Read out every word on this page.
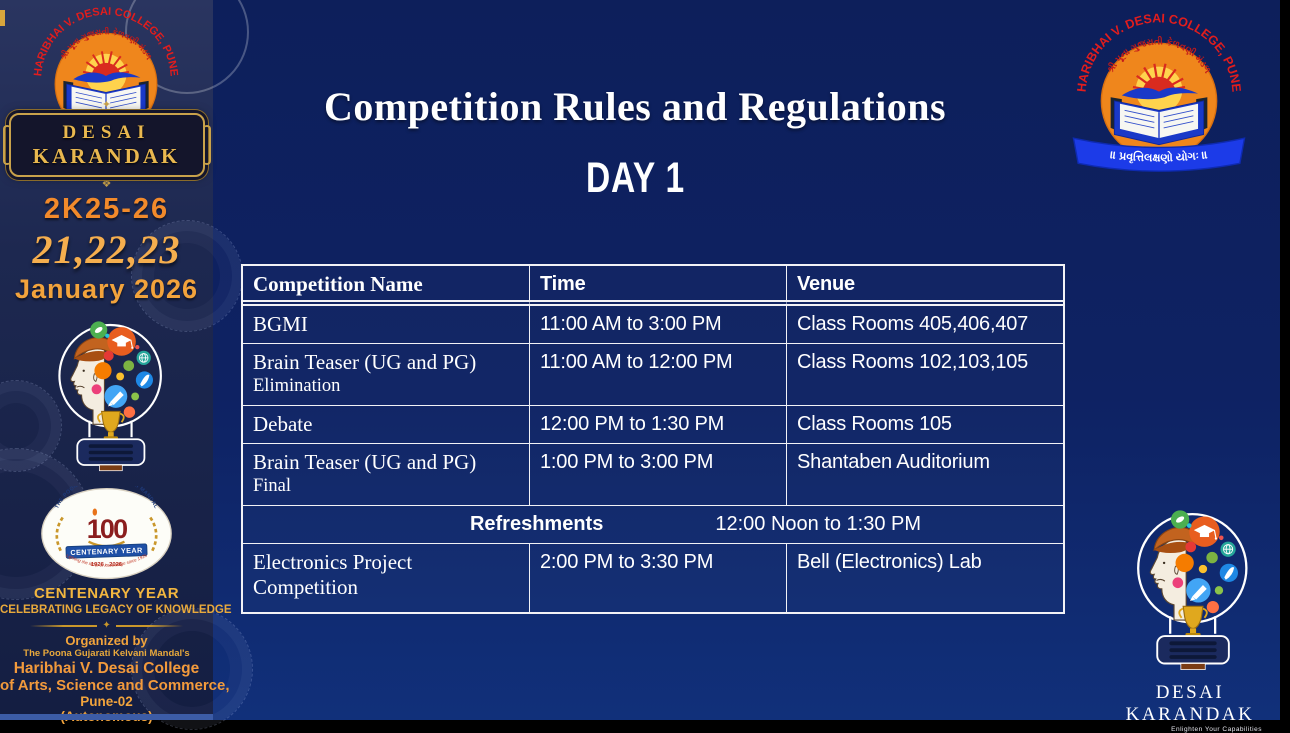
✦
DESAI
KARANDAK
❖
2K25-26
21,22,23
January 2026
CENTENARY YEAR
CELEBRATING LEGACY OF KNOWLEDGE
✦
Organized by
The Poona Gujarati Kelvani Mandal's
Haribhai V. Desai College
of Arts, Science and Commerce,
Pune-02
Competition Rules and Regulations
DAY 1
Competition Name	Time	Venue
BGMI	11:00 AM to 3:00 PM	Class Rooms 405,406,407
Brain Teaser (UG and PG)
Elimination
11:00 AM to 12:00 PM	Class Rooms 102,103,105
Debate	12:00 PM to 1:30 PM	Class Rooms 105
Brain Teaser (UG and PG)
Final
1:00 PM to 3:00 PM	Shantaben Auditorium
Refreshments	12:00 Noon to 1:30 PM
Electronics Project Competition
2:00 PM to 3:30 PM	Bell (Electronics) Lab
DESAI KARANDAK
Enlighten Your Capabilities
